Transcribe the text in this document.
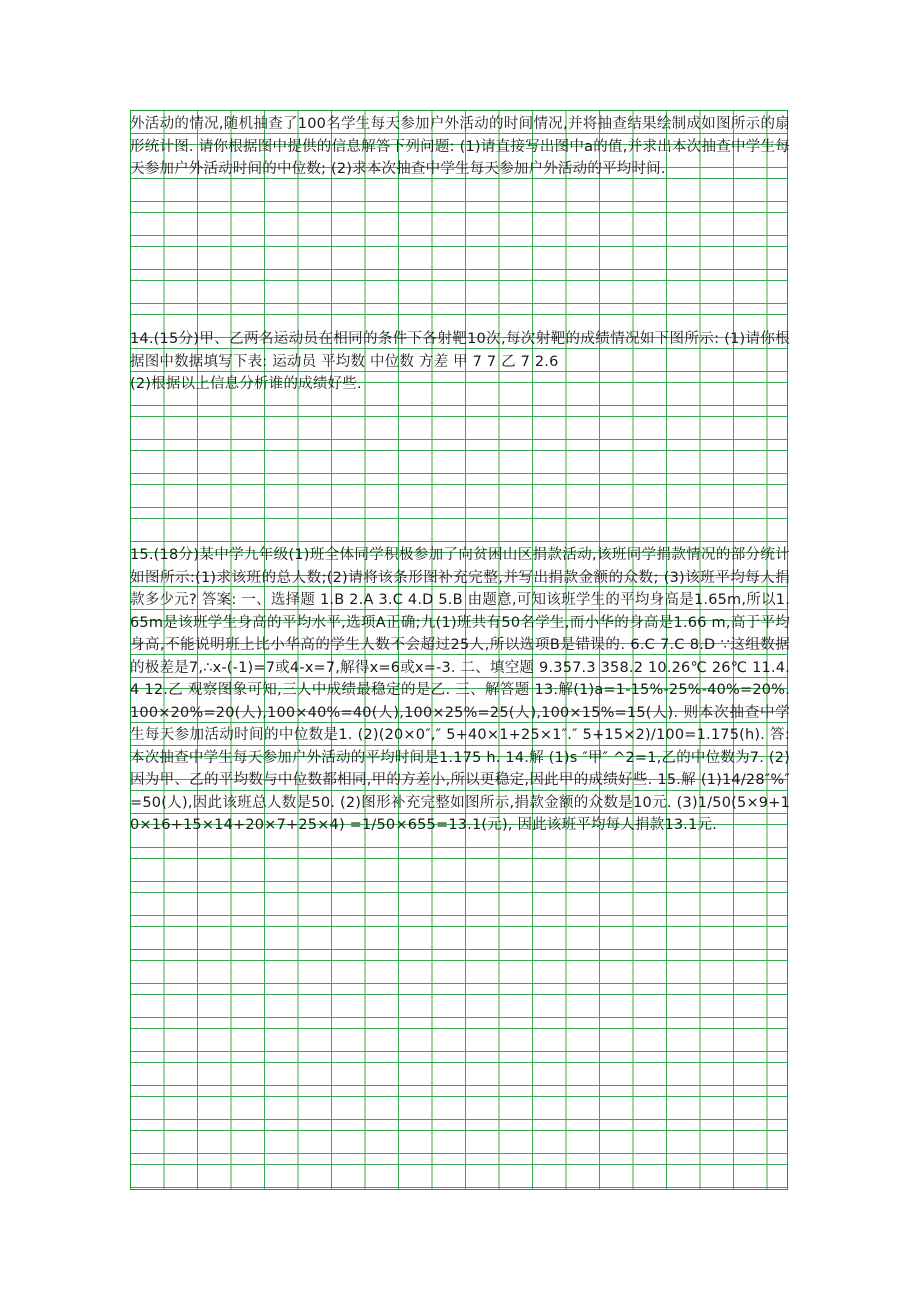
外活动的情况,随机抽查了100名学生每天参加户外活动的时间情况,并将抽查结果绘制成如图所示的扇形统计图. 请你根据图中提供的信息解答下列问题: (1)请直接写出图中a的值,并求出本次抽查中学生每天参加户外活动时间的中位数; (2)求本次抽查中学生每天参加户外活动的平均时间.

14.(15分)甲、乙两名运动员在相同的条件下各射靶10次,每次射靶的成绩情况如下图所示: (1)请你根据图中数据填写下表: 运动员 平均数 中位数 方差 甲 7 7 乙 7 2.6

(2)根据以上信息分析谁的成绩好些.

15.(18分)某中学九年级(1)班全体同学积极参加了向贫困山区捐款活动,该班同学捐款情况的部分统计如图所示:(1)求该班的总人数;(2)请将该条形图补充完整,并写出捐款金额的众数; (3)该班平均每人捐款多少元? 答案: 一、选择题 1.B 2.A 3.C 4.D 5.B 由题意,可知该班学生的平均身高是1.65m,所以1.65m是该班学生身高的平均水平,选项A正确;九(1)班共有50名学生,而小华的身高是1.66 m,高于平均身高,不能说明班上比小华高的学生人数不会超过25人,所以选项B是错误的. 6.C 7.C 8.D ∵这组数据的极差是7,∴x-(-1)=7或4-x=7,解得x=6或x=-3. 二、填空题 9.357.3 358.2 10.26℃ 26℃ 11.4.4 12.乙 观察图象可知,三人中成绩最稳定的是乙. 三、解答题 13.解(1)a=1-15%-25%-40%=20%. 100×20%=20(人),100×40%=40(人),100×25%=25(人),100×15%=15(人). 则本次抽查中学生每天参加活动时间的中位数是1. (2)(20×0″,″ 5+40×1+25×1″.″ 5+15×2)/100=1.175(h). 答:本次抽查中学生每天参加户外活动的平均时间是1.175 h. 14.解 (1)s ″甲″ ^2=1,乙的中位数为7. (2)因为甲、乙的平均数与中位数都相同,甲的方差小,所以更稳定,因此甲的成绩好些. 15.解 (1)14/28″%″ =50(人),因此该班总人数是50. (2)图形补充完整如图所示,捐款金额的众数是10元. (3)1/50(5×9+10×16+15×14+20×7+25×4) =1/50×655=13.1(元), 因此该班平均每人捐款13.1元.
